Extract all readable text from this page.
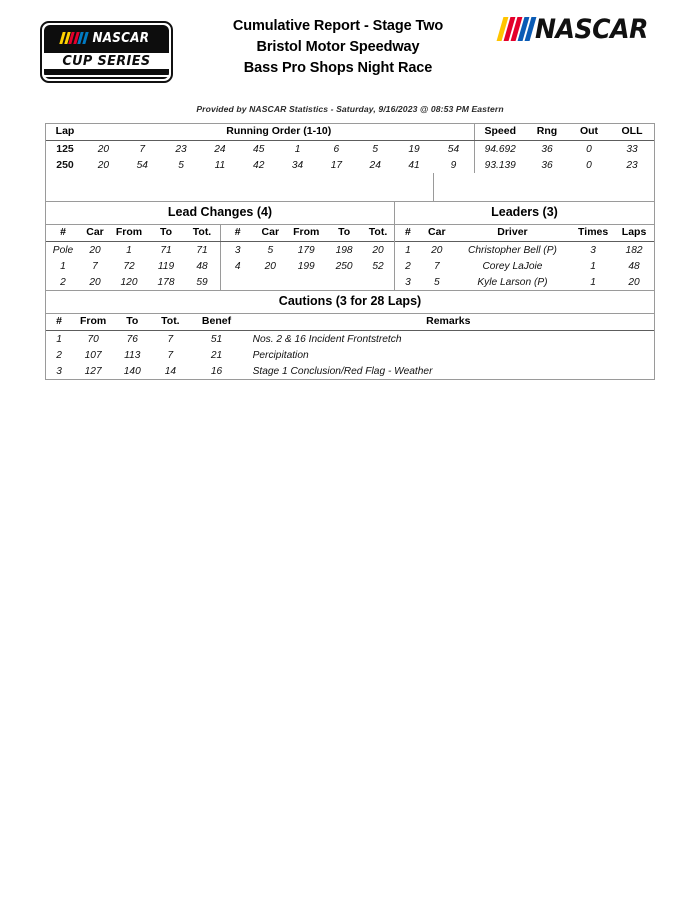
NASCAR
CUP SERIES
Cumulative Report - Stage Two
Bristol Motor Speedway
Bass Pro Shops Night Race
NASCAR
Provided by NASCAR Statistics - Saturday, 9/16/2023 @ 08:53 PM Eastern
Lap	Running Order (1-10)										Speed	Rng	Out	OLL
125	20	7	23	24	45	1	6	5	19	54	94.692	36	0	33
250	20	54	5	11	42	34	17	24	41	9	93.139	36	0	23

Lead Changes (4)
#	Car	From	To	Tot.
Pole	20	1	71	71
1	7	72	119	48
2	20	120	178	59
#	Car	From	To	Tot.
3	5	179	198	20
4	20	199	250	52

Leaders (3)
#	Car	Driver	Times	Laps
1	20	Christopher Bell (P)	3	182
2	7	Corey LaJoie	1	48
3	5	Kyle Larson (P)	1	20
Cautions (3 for 28 Laps)
#	From	To	Tot.	Benef	Remarks
1	70	76	7	51	Nos. 2 & 16 Incident Frontstretch
2	107	113	7	21	Percipitation
3	127	140	14	16	Stage 1 Conclusion/Red Flag - Weather
